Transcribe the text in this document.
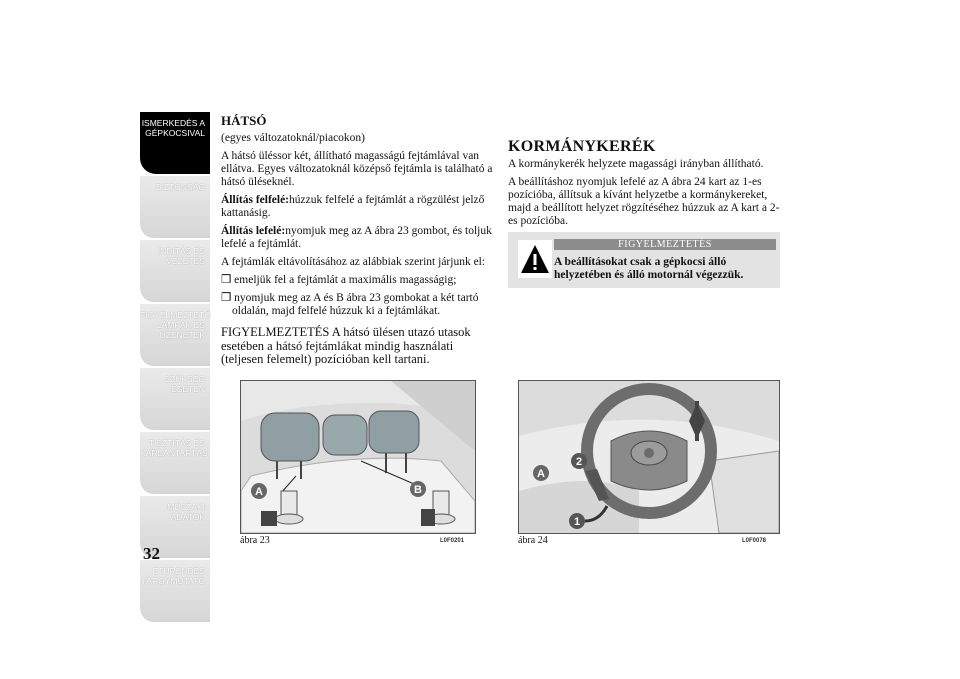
ISMERKEDÉS A
GÉPKOCSIVAL
BIZTONSÁG
INDÍTÁS ÉS
VEZETÉS
FIGYELMEZTETŐ
LÁMPÁK ÉS
ÜZENETEK
SZÜKSÉG ESETÉN
TISZTÍTÁS ÉS
KARBANTARTÁS
MŰSZAKI ADATOK
ETŰRENDES
TÁRGYMUTATÓ
32

HÁTSÓ

(egyes változatoknál/piacokon)

A hátsó üléssor két, állítható magasságú fejtámlával van ellátva. Egyes változatoknál középső fejtámla is található a hátsó üléseknél.

Állítás felfelé:húzzuk felfelé a fejtámlát a rögzülést jelző kattanásig.

Állítás lefelé:nyomjuk meg az A ábra 23 gombot, és toljuk lefelé a fejtámlát.

A fejtámlák eltávolításához az alábbiak szerint járjunk el:

❒ emeljük fel a fejtámlát a maximális magasságig;

❒ nyomjuk meg az A és B ábra 23 gombokat a két tartó oldalán, majd felfelé húzzuk ki a fejtámlákat.

FIGYELMEZTETÉS A hátsó ülésen utazó utasok esetében a hátsó fejtámlákat mindig használati (teljesen felemelt) pozícióban kell tartani.

A	B
ábra 23	L0F0201

KORMÁNYKERÉK

A kormánykerék helyzete magassági irányban állítható.

A beállításhoz nyomjuk lefelé az A ábra 24 kart az 1-es pozícióba, állítsuk a kívánt helyzetbe a kormánykereket, majd a beállított helyzet rögzítéséhez húzzuk az A kart a 2-es pozícióba.

FIGYELMEZTETÉS
A beállításokat csak a gépkocsi álló helyzetében és álló motornál végezzük.
A
2
1
ábra 24	L0F0078
